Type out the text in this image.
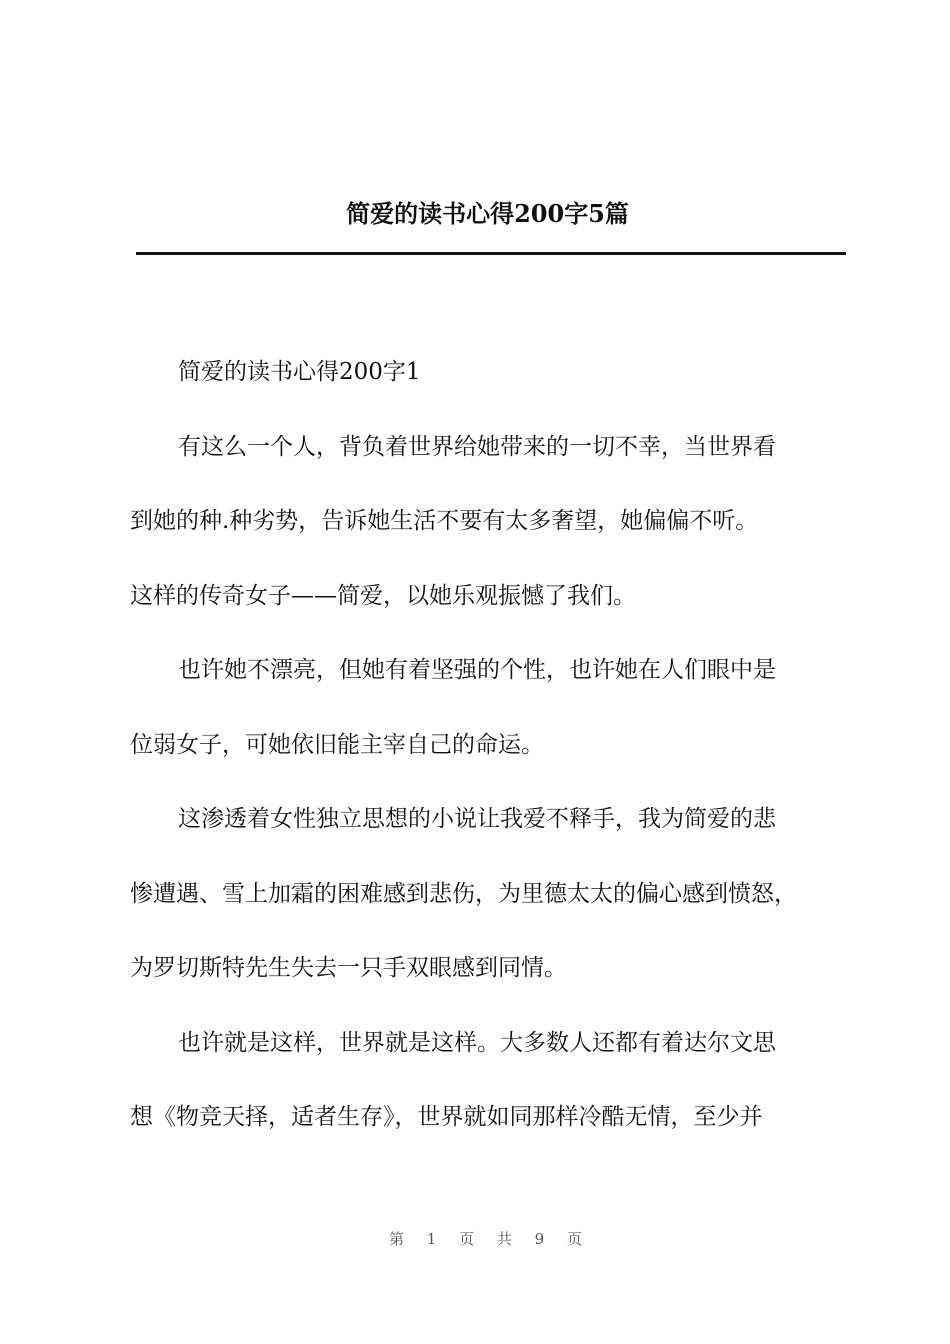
简爱的读书心得200字5篇

简爱的读书心得200字1

有这么一个人，背负着世界给她带来的一切不幸，当世界看

到她的种.种劣势，告诉她生活不要有太多奢望，她偏偏不听。

这样的传奇女子——简爱，以她乐观振憾了我们。

也许她不漂亮，但她有着坚强的个性，也许她在人们眼中是

位弱女子，可她依旧能主宰自己的命运。

这渗透着女性独立思想的小说让我爱不释手，我为简爱的悲

惨遭遇、雪上加霜的困难感到悲伤，为里德太太的偏心感到愤怒，

为罗切斯特先生失去一只手双眼感到同情。

也许就是这样，世界就是这样。大多数人还都有着达尔文思

想《物竞天择，适者生存》，世界就如同那样冷酷无情，至少并

第 1 页 共 9 页
